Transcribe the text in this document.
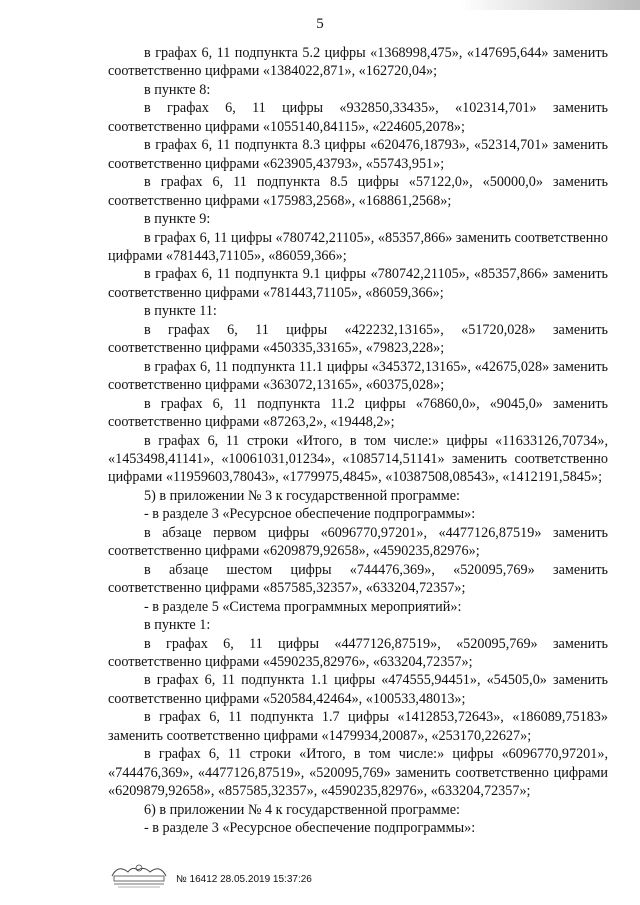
5

в графах 6, 11 подпункта 5.2 цифры «1368998,475», «147695,644» заменить соответственно цифрами «1384022,871», «162720,04»;

в пункте 8:

в графах 6, 11 цифры «932850,33435», «102314,701» заменить соответственно цифрами «1055140,84115», «224605,2078»;

в графах 6, 11 подпункта 8.3 цифры «620476,18793», «52314,701» заменить соответственно цифрами «623905,43793», «55743,951»;

в графах 6, 11 подпункта 8.5 цифры «57122,0», «50000,0» заменить соответственно цифрами «175983,2568», «168861,2568»;

в пункте 9:

в графах 6, 11 цифры «780742,21105», «85357,866» заменить соответственно цифрами «781443,71105», «86059,366»;

в графах 6, 11 подпункта 9.1 цифры «780742,21105», «85357,866» заменить соответственно цифрами «781443,71105», «86059,366»;

в пункте 11:

в графах 6, 11 цифры «422232,13165», «51720,028» заменить соответственно цифрами «450335,33165», «79823,228»;

в графах 6, 11 подпункта 11.1 цифры «345372,13165», «42675,028» заменить соответственно цифрами «363072,13165», «60375,028»;

в графах 6, 11 подпункта 11.2 цифры «76860,0», «9045,0» заменить соответственно цифрами «87263,2», «19448,2»;

в графах 6, 11 строки «Итого, в том числе:» цифры «11633126,70734», «1453498,41141», «10061031,01234», «1085714,51141» заменить соответственно цифрами «11959603,78043», «1779975,4845», «10387508,08543», «1412191,5845»;

5) в приложении № 3 к государственной программе:

- в разделе 3 «Ресурсное обеспечение подпрограммы»:

в абзаце первом цифры «6096770,97201», «4477126,87519» заменить соответственно цифрами «6209879,92658», «4590235,82976»;

в абзаце шестом цифры «744476,369», «520095,769» заменить соответственно цифрами «857585,32357», «633204,72357»;

- в разделе 5 «Система программных мероприятий»:

в пункте 1:

в графах 6, 11 цифры «4477126,87519», «520095,769» заменить соответственно цифрами «4590235,82976», «633204,72357»;

в графах 6, 11 подпункта 1.1 цифры «474555,94451», «54505,0» заменить соответственно цифрами «520584,42464», «100533,48013»;

в графах 6, 11 подпункта 1.7 цифры «1412853,72643», «186089,75183» заменить соответственно цифрами «1479934,20087», «253170,22627»;

в графах 6, 11 строки «Итого, в том числе:» цифры «6096770,97201», «744476,369», «4477126,87519», «520095,769» заменить соответственно цифрами «6209879,92658», «857585,32357», «4590235,82976», «633204,72357»;

6) в приложении № 4 к государственной программе:

- в разделе 3 «Ресурсное обеспечение подпрограммы»:

№ 16412 28.05.2019 15:37:26
